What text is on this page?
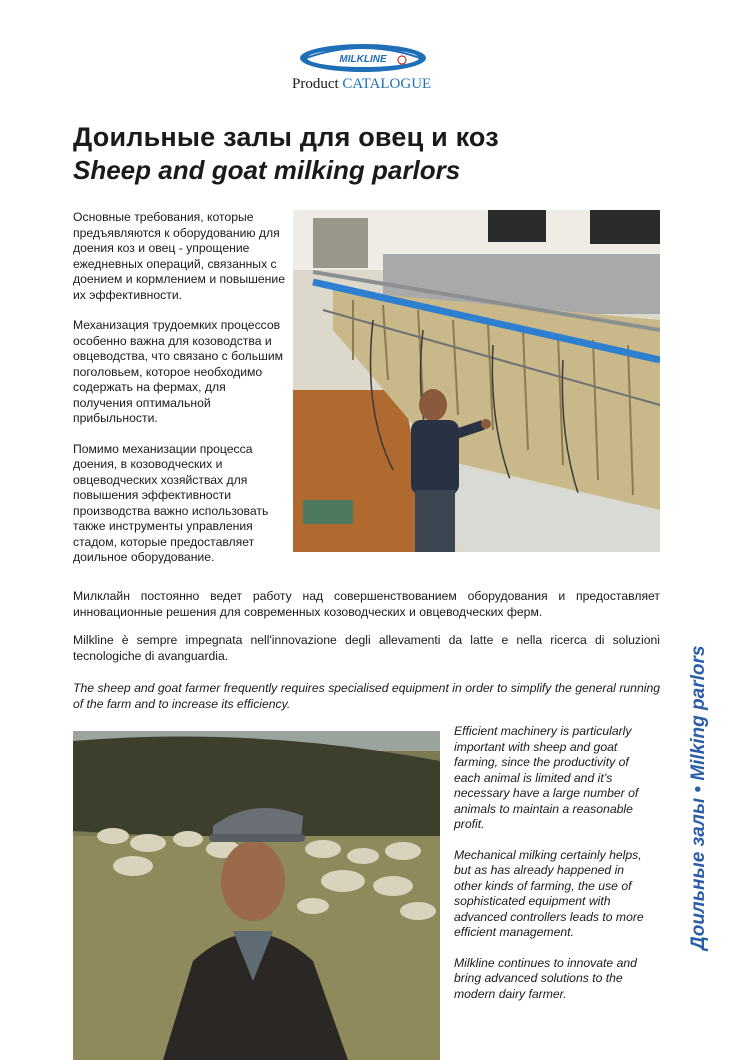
MILKLINE
Product CATALOGUE
Доильные залы для овец и коз
Sheep and goat milking parlors

Основные требования, которые предъявляются к оборудованию для доения коз и овец - упрощение ежедневных операций, связанных с доением и кормлением и повышение их эффективности.

Механизация трудоемких процессов особенно важна для козоводства и овцеводства, что связано с большим поголовьем, которое необходимо содержать на фермах, для получения оптимальной прибыльности.

Помимо механизации процесса доения, в козоводческих и овцеводческих хозяйствах для повышения эффективности производства важно использовать также инструменты управления стадом, которые предоставляет доильное оборудование.

Милклайн постоянно ведет работу над совершенствованием оборудования и предоставляет инновационные решения для современных козоводческих и овцеводческих ферм.
Milkline è sempre impegnata nell'innovazione degli allevamenti da latte e nella ricerca di soluzioni tecnologiche di avanguardia.
The sheep and goat farmer frequently requires specialised equipment in order to simplify the general running of the farm and to increase its efficiency.

Efficient machinery is particularly important with sheep and goat farming, since the productivity of each animal is limited and it’s necessary have a large number of animals to maintain a reasonable profit.

Mechanical milking certainly helps, but as has already happened in other kinds of farming, the use of sophisticated equipment with advanced controllers leads to more efficient management.

Milkline continues to innovate and bring advanced solutions to the modern dairy farmer.

Доильные залы • Milking parlors
